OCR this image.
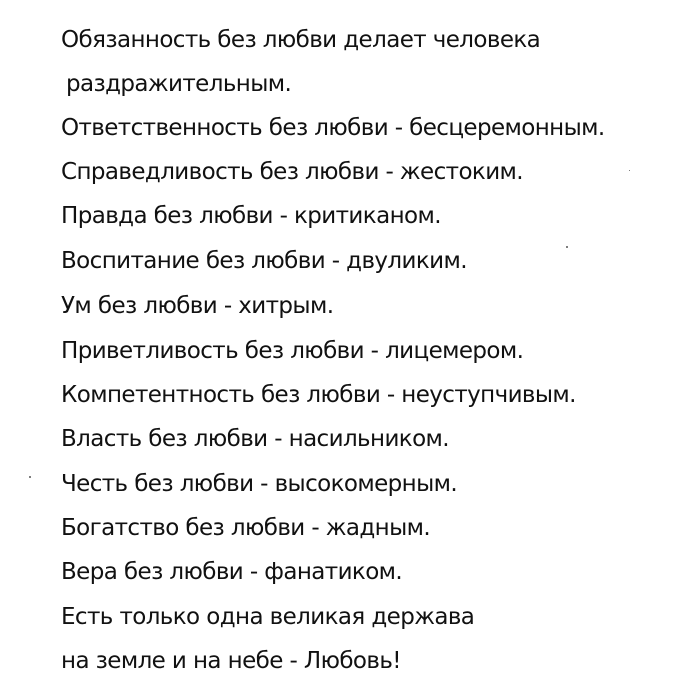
Обязанность без любви делает человека

раздражительным.

Ответственность без любви - бесцеремонным.

Справедливость без любви - жестоким.

Правда без любви - критиканом.

Воспитание без любви - двуликим.

Ум без любви - хитрым.

Приветливость без любви - лицемером.

Компетентность без любви - неуступчивым.

Власть без любви - насильником.

Честь без любви - высокомерным.

Богатство без любви - жадным.

Вера без любви - фанатиком.

Есть только одна великая держава

на земле и на небе - Любовь!
